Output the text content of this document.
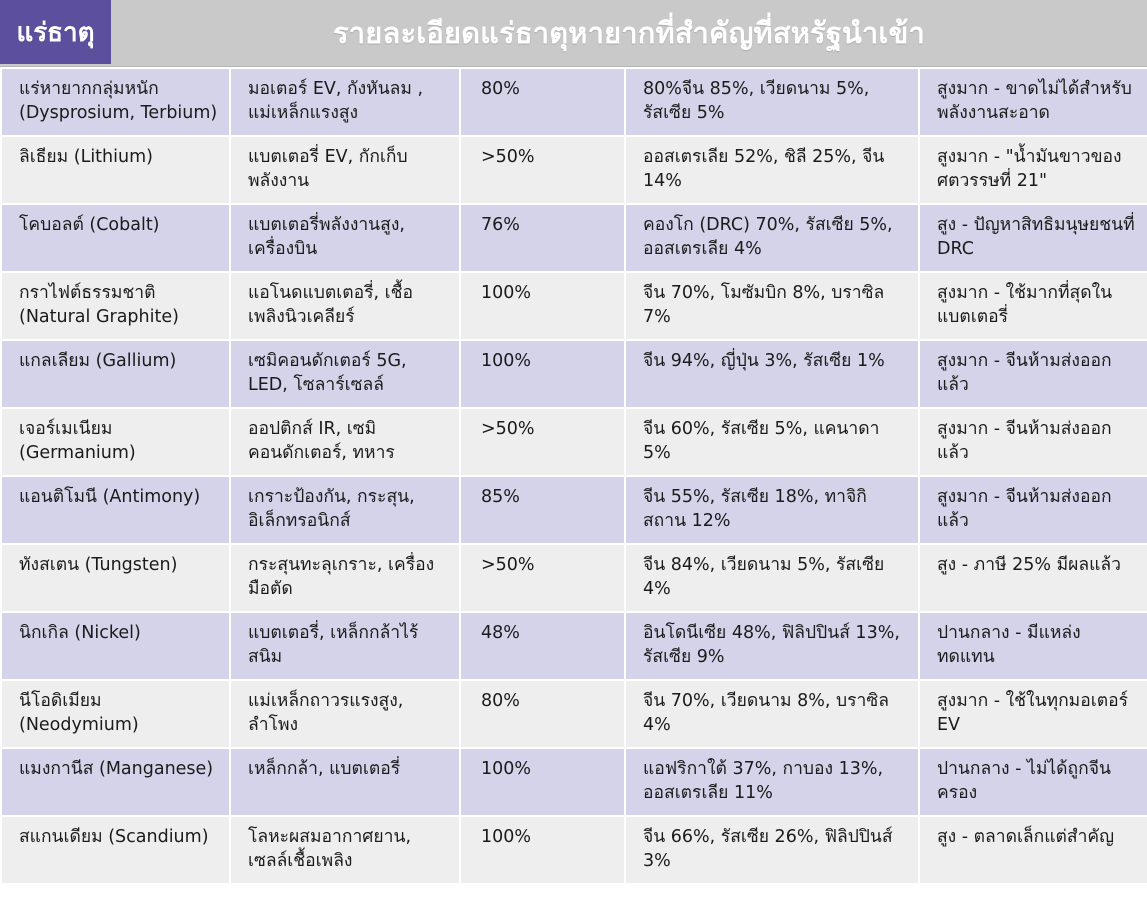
แร่ธาตุ	รายละเอียดแร่ธาตุหายากที่สำคัญที่สหรัฐนำเข้า
แร่หายากกลุ่มหนัก (Dysprosium, Terbium)	มอเตอร์ EV, กังหันลม , แม่เหล็กแรงสูง	80%	80%จีน 85%, เวียดนาม 5%, รัสเซีย 5%	สูงมาก - ขาดไม่ได้สำหรับพลังงานสะอาด
ลิเธียม (Lithium)	แบตเตอรี่ EV, กักเก็บพลังงาน	>50%	ออสเตรเลีย 52%, ชิลี 25%, จีน 14%	สูงมาก - "น้ำมันขาวของศตวรรษที่ 21"
โคบอลต์ (Cobalt)	แบตเตอรี่พลังงานสูง, เครื่องบิน	76%	คองโก (DRC) 70%, รัสเซีย 5%, ออสเตรเลีย 4%	สูง - ปัญหาสิทธิมนุษยชนที่ DRC
กราไฟต์ธรรมชาติ (Natural Graphite)	แอโนดแบตเตอรี่, เชื้อเพลิงนิวเคลียร์	100%	จีน 70%, โมซัมบิก 8%, บราซิล 7%	สูงมาก - ใช้มากที่สุดในแบตเตอรี่
แกลเลียม (Gallium)	เซมิคอนดักเตอร์ 5G, LED, โซลาร์เซลล์	100%	จีน 94%, ญี่ปุ่น 3%, รัสเซีย 1%	สูงมาก - จีนห้ามส่งออกแล้ว
เจอร์เมเนียม (Germanium)	ออปติกส์ IR, เซมิคอนดักเตอร์, ทหาร	>50%	จีน 60%, รัสเซีย 5%, แคนาดา 5%	สูงมาก - จีนห้ามส่งออกแล้ว
แอนติโมนี (Antimony)	เกราะป้องกัน, กระสุน, อิเล็กทรอนิกส์	85%	จีน 55%, รัสเซีย 18%, ทาจิกิสถาน 12%	สูงมาก - จีนห้ามส่งออกแล้ว
ทังสเตน (Tungsten)	กระสุนทะลุเกราะ, เครื่องมือตัด	>50%	จีน 84%, เวียดนาม 5%, รัสเซีย 4%	สูง - ภาษี 25% มีผลแล้ว
นิกเกิล (Nickel)	แบตเตอรี่, เหล็กกล้าไร้สนิม	48%	อินโดนีเซีย 48%, ฟิลิปปินส์ 13%, รัสเซีย 9%	ปานกลาง - มีแหล่งทดแทน
นีโอดิเมียม (Neodymium)	แม่เหล็กถาวรแรงสูง, ลำโพง	80%	จีน 70%, เวียดนาม 8%, บราซิล 4%	สูงมาก - ใช้ในทุกมอเตอร์ EV
แมงกานีส (Manganese)	เหล็กกล้า, แบตเตอรี่	100%	แอฟริกาใต้ 37%, กาบอง 13%, ออสเตรเลีย 11%	ปานกลาง - ไม่ได้ถูกจีนครอง
สแกนเดียม (Scandium)	โลหะผสมอากาศยาน, เซลล์เชื้อเพลิง	100%	จีน 66%, รัสเซีย 26%, ฟิลิปปินส์ 3%	สูง - ตลาดเล็กแต่สำคัญ
